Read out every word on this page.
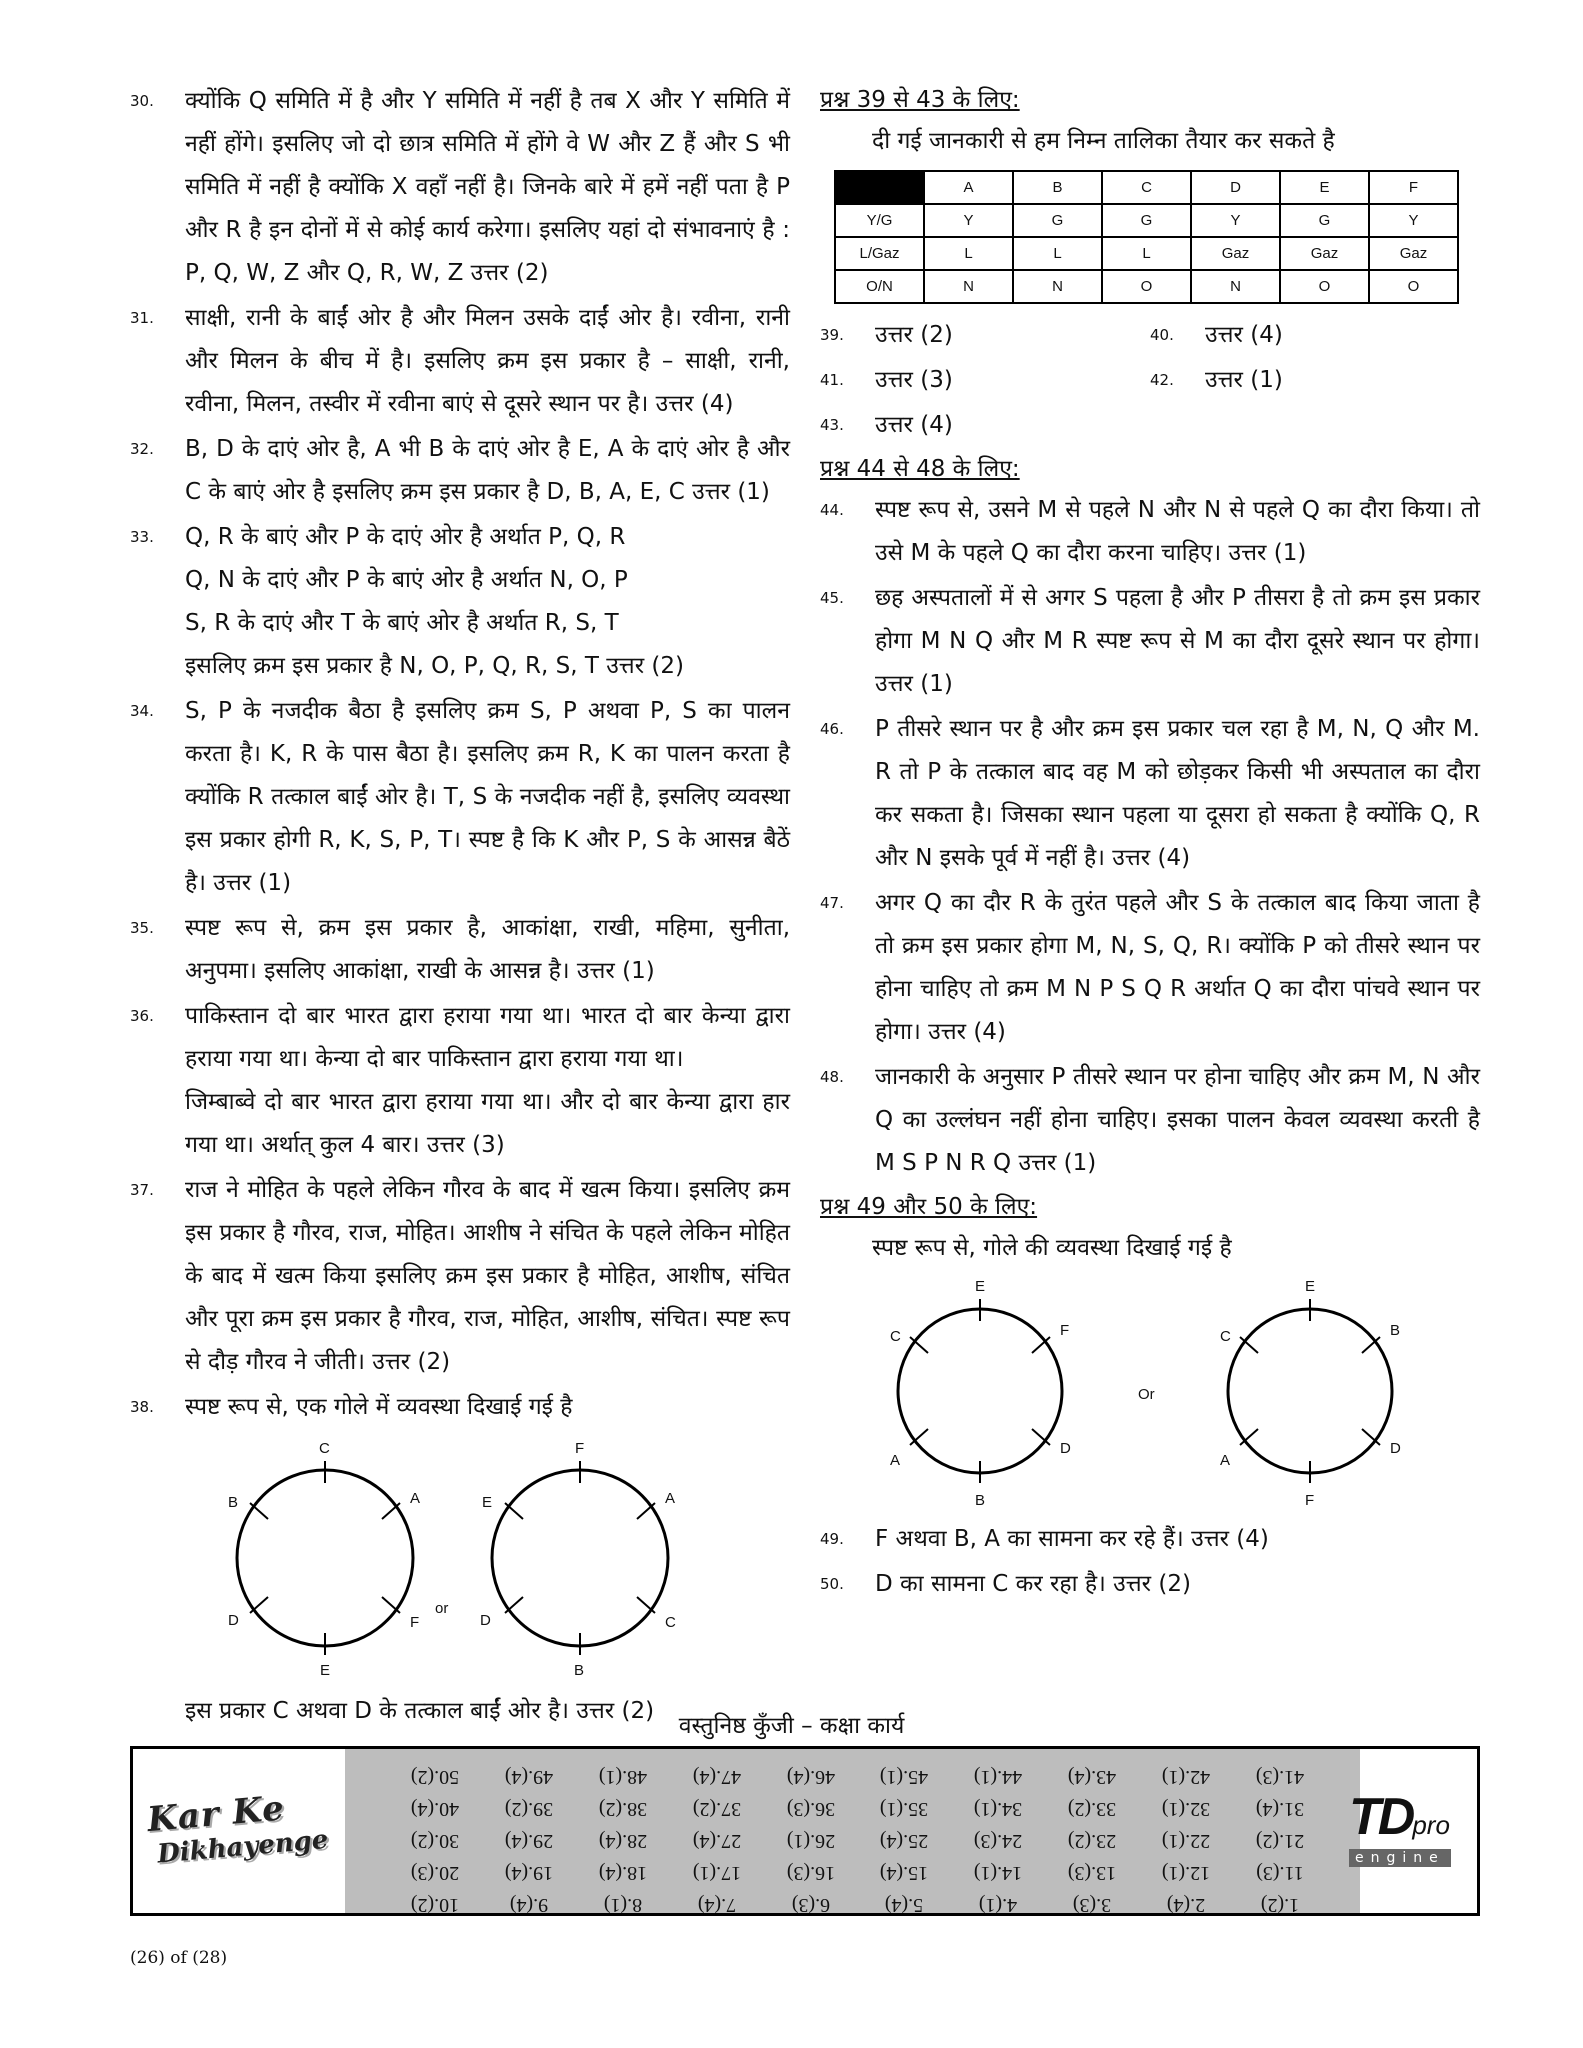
30.	क्योंकि Q समिति में है और Y समिति में नहीं है तब X और Y समिति में नहीं होंगे। इसलिए जो दो छात्र समिति में होंगे वे W और Z हैं और S भी समिति में नहीं है क्योंकि X वहाँ नहीं है। जिनके बारे में हमें नहीं पता है P और R है इन दोनों में से कोई कार्य करेगा। इसलिए यहां दो संभावनाएं है : P, Q, W, Z और Q, R, W, Z उत्तर (2)
31.	साक्षी, रानी के बाईं ओर है और मिलन उसके दाईं ओर है। रवीना, रानी और मिलन के बीच में है। इसलिए क्रम इस प्रकार है – साक्षी, रानी, रवीना, मिलन, तस्वीर में रवीना बाएं से दूसरे स्थान पर है। उत्तर (4)
32.	B, D के दाएं ओर है, A भी B के दाएं ओर है E, A के दाएं ओर है और C के बाएं ओर है इसलिए क्रम इस प्रकार है D, B, A, E, C उत्तर (1)
33.	Q, R के बाएं और P के दाएं ओर है अर्थात P, Q, R
Q, N के दाएं और P के बाएं ओर है अर्थात N, O, P
S, R के दाएं और T के बाएं ओर है अर्थात R, S, T
इसलिए क्रम इस प्रकार है N, O, P, Q, R, S, T उत्तर (2)
34.	S, P के नजदीक बैठा है इसलिए क्रम S, P अथवा P, S का पालन करता है। K, R के पास बैठा है। इसलिए क्रम R, K का पालन करता है क्योंकि R तत्काल बाईं ओर है। T, S के नजदीक नहीं है, इसलिए व्यवस्था इस प्रकार होगी R, K, S, P, T। स्पष्ट है कि K और P, S के आसन्न बैठें है। उत्तर (1)
35.	स्पष्ट रूप से, क्रम इस प्रकार है, आकांक्षा, राखी, महिमा, सुनीता, अनुपमा। इसलिए आकांक्षा, राखी के आसन्न है। उत्तर (1)
36.	पाकिस्तान दो बार भारत द्वारा हराया गया था। भारत दो बार केन्या द्वारा हराया गया था। केन्या दो बार पाकिस्तान द्वारा हराया गया था।
जिम्बाब्वे दो बार भारत द्वारा हराया गया था। और दो बार केन्या द्वारा हार गया था। अर्थात् कुल 4 बार। उत्तर (3)
37.	राज ने मोहित के पहले लेकिन गौरव के बाद में खत्म किया। इसलिए क्रम इस प्रकार है गौरव, राज, मोहित। आशीष ने संचित के पहले लेकिन मोहित के बाद में खत्म किया इसलिए क्रम इस प्रकार है मोहित, आशीष, संचित और पूरा क्रम इस प्रकार है गौरव, राज, मोहित, आशीष, संचित। स्पष्ट रूप से दौड़ गौरव ने जीती। उत्तर (2)
38.	स्पष्ट रूप से, एक गोले में व्यवस्था दिखाई गई है
C
A
B
D	F
E
or
F
A
E
D	C
B
इस प्रकार C अथवा D के तत्काल बाईं ओर है। उत्तर (2)
प्रश्न 39 से 43 के लिए:
दी गई जानकारी से हम निम्न तालिका तैयार कर सकते है
	A	B	C	D	E	F
Y/G	Y	G	G	Y	G	Y
L/Gaz	L	L	L	Gaz	Gaz	Gaz
O/N	N	N	O	N	O	O
39.	उत्तर (2)	40.	उत्तर (4)
41.	उत्तर (3)	42.	उत्तर (1)
43.	उत्तर (4)
प्रश्न 44 से 48 के लिए:
44.	स्पष्ट रूप से, उसने M से पहले N और N से पहले Q का दौरा किया। तो उसे M के पहले Q का दौरा करना चाहिए। उत्तर (1)
45.	छह अस्पतालों में से अगर S पहला है और P तीसरा है तो क्रम इस प्रकार होगा M N Q और M R स्पष्ट रूप से M का दौरा दूसरे स्थान पर होगा। उत्तर (1)
46.	P तीसरे स्थान पर है और क्रम इस प्रकार चल रहा है M, N, Q और M. R तो P के तत्काल बाद वह M को छोड़कर किसी भी अस्पताल का दौरा कर सकता है। जिसका स्थान पहला या दूसरा हो सकता है क्योंकि Q, R और N इसके पूर्व में नहीं है। उत्तर (4)
47.	अगर Q का दौर R के तुरंत पहले और S के तत्काल बाद किया जाता है तो क्रम इस प्रकार होगा M, N, S, Q, R। क्योंकि P को तीसरे स्थान पर होना चाहिए तो क्रम M N P S Q R अर्थात Q का दौरा पांचवे स्थान पर होगा। उत्तर (4)
48.	जानकारी के अनुसार P तीसरे स्थान पर होना चाहिए और क्रम M, N और Q का उल्लंघन नहीं होना चाहिए। इसका पालन केवल व्यवस्था करती है M S P N R Q उत्तर (1)
प्रश्न 49 और 50 के लिए:
स्पष्ट रूप से, गोले की व्यवस्था दिखाई गई है
E
F
C
A
D
B
Or
E
B
C
A
D
F
49.	F अथवा B, A का सामना कर रहे हैं। उत्तर (4)
50.	D का सामना C कर रहा है। उत्तर (2)
वस्तुनिष्ठ कुँजी – कक्षा कार्य
Kar Ke
Dikhayenge
50.(2)	49.(4)	48.(1)	47.(4)	46.(4)	45.(1)	44.(1)	43.(4)	42.(1)	41.(3)
40.(4)	39.(2)	38.(2)	37.(2)	36.(3)	35.(1)	34.(1)	33.(2)	32.(1)	31.(4)
30.(2)	29.(4)	28.(4)	27.(4)	26.(1)	25.(4)	24.(3)	23.(2)	22.(1)	21.(2)
20.(3)	19.(4)	18.(4)	17.(1)	16.(3)	15.(4)	14.(1)	13.(3)	12.(1)	11.(3)
10.(2)	9.(4)	8.(1)	7.(4)	6.(3)	5.(4)	4.(1)	3.(3)	2.(4)	1.(2)
TDpro
engine
(26) of (28)
